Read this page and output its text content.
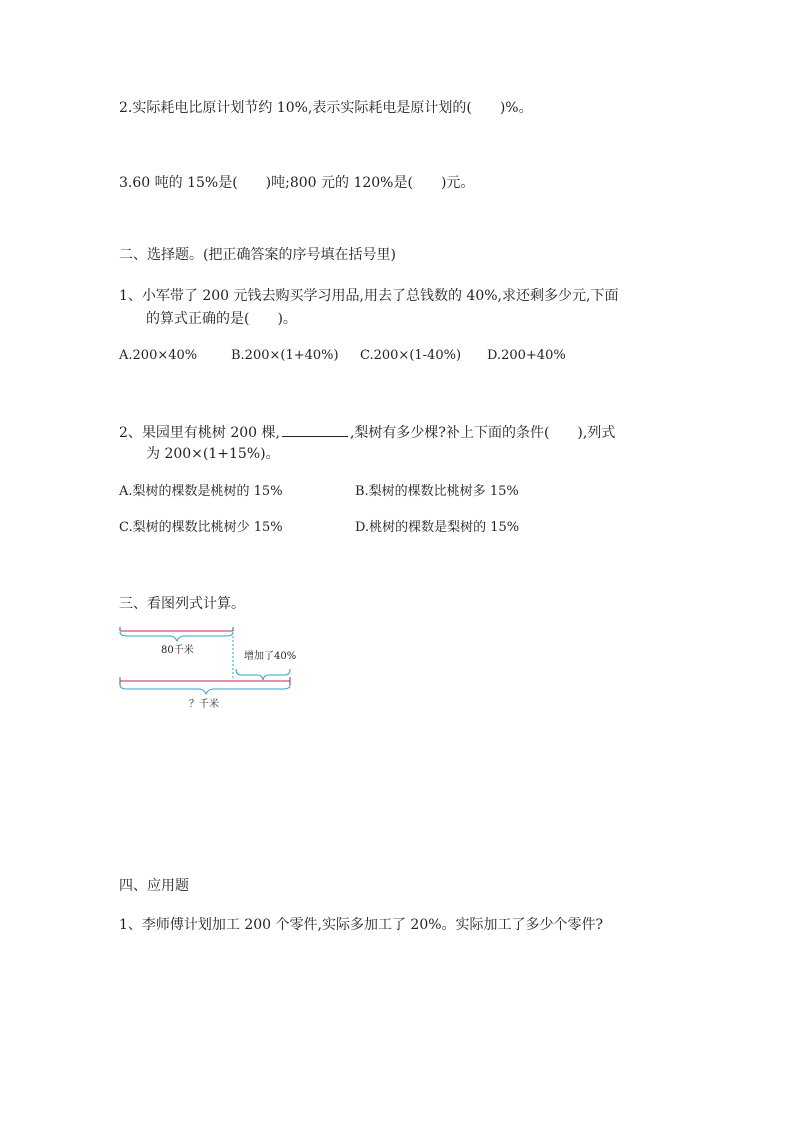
2.实际耗电比原计划节约 10%,表示实际耗电是原计划的(　　)%。
3.60 吨的 15%是(　　)吨;800 元的 120%是(　　)元。
二、选择题。(把正确答案的序号填在括号里)
1、小军带了 200 元钱去购买学习用品,用去了总钱数的 40%,求还剩多少元,下面
的算式正确的是(　　)。
A.200×40%	B.200×(1+40%) C.200×(1-40%) D.200+40%
2、果园里有桃树 200 棵,	,梨树有多少棵?补上下面的条件(　　),列式
为 200×(1+15%)。
A.梨树的棵数是桃树的 15%	B.梨树的棵数比桃树多 15%
C.梨树的棵数比桃树少 15%	D.桃树的棵数是梨树的 15%
三、看图列式计算。
80千米
增加了40%
？千米
四、应用题
1、李师傅计划加工 200 个零件,实际多加工了 20%。实际加工了多少个零件?
